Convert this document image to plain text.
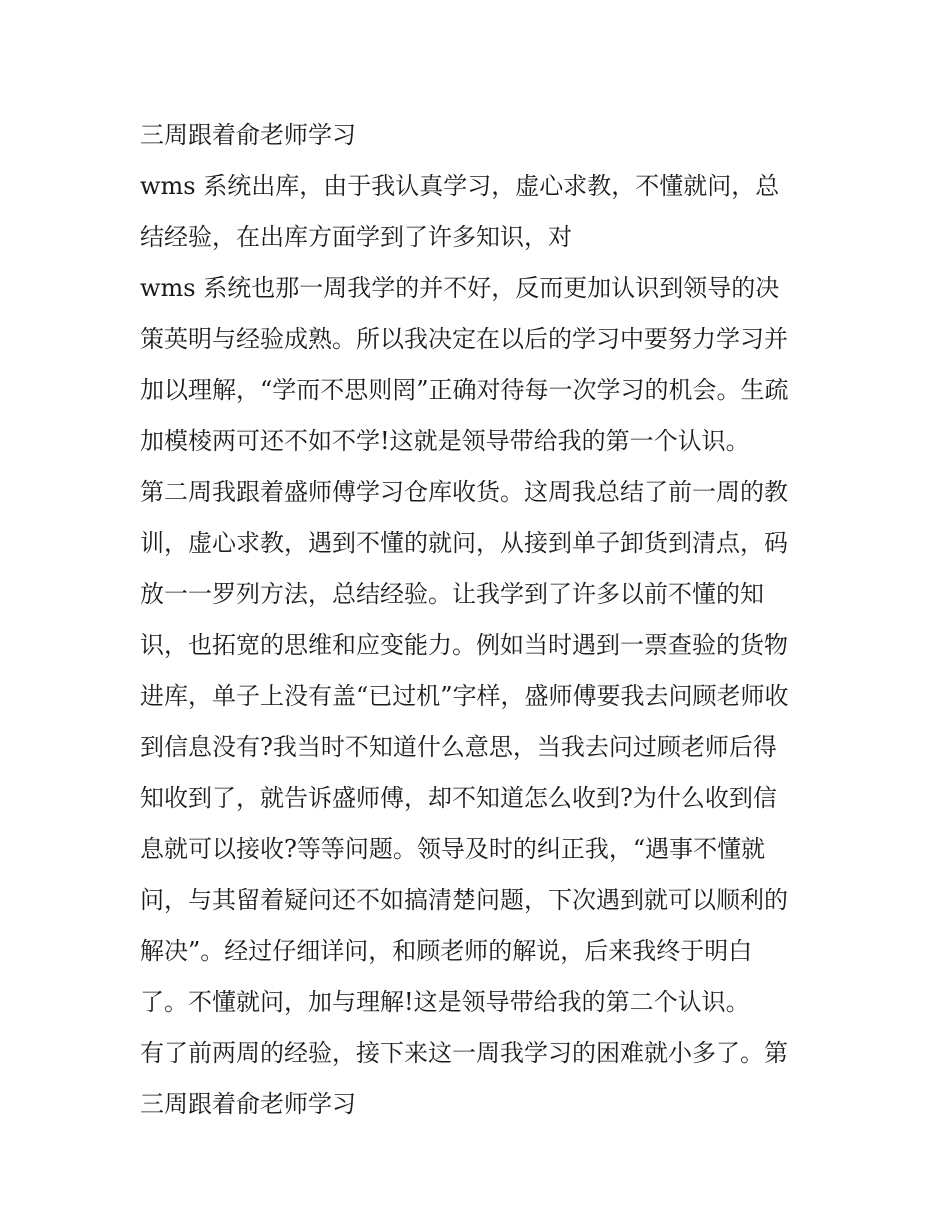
三周跟着俞老师学习
wms 系统出库，由于我认真学习，虚心求教，不懂就问，总
结经验，在出库方面学到了许多知识，对
wms 系统也那一周我学的并不好，反而更加认识到领导的决
策英明与经验成熟。所以我决定在以后的学习中要努力学习并
加以理解，“学而不思则罔”正确对待每一次学习的机会。生疏
加模棱两可还不如不学!这就是领导带给我的第一个认识。
第二周我跟着盛师傅学习仓库收货。这周我总结了前一周的教
训，虚心求教，遇到不懂的就问，从接到单子卸货到清点，码
放一一罗列方法，总结经验。让我学到了许多以前不懂的知
识，也拓宽的思维和应变能力。例如当时遇到一票查验的货物
进库，单子上没有盖“已过机”字样，盛师傅要我去问顾老师收
到信息没有?我当时不知道什么意思，当我去问过顾老师后得
知收到了，就告诉盛师傅，却不知道怎么收到?为什么收到信
息就可以接收?等等问题。领导及时的纠正我，“遇事不懂就
问，与其留着疑问还不如搞清楚问题，下次遇到就可以顺利的
解决”。经过仔细详问，和顾老师的解说，后来我终于明白
了。不懂就问，加与理解!这是领导带给我的第二个认识。
有了前两周的经验，接下来这一周我学习的困难就小多了。第
三周跟着俞老师学习
